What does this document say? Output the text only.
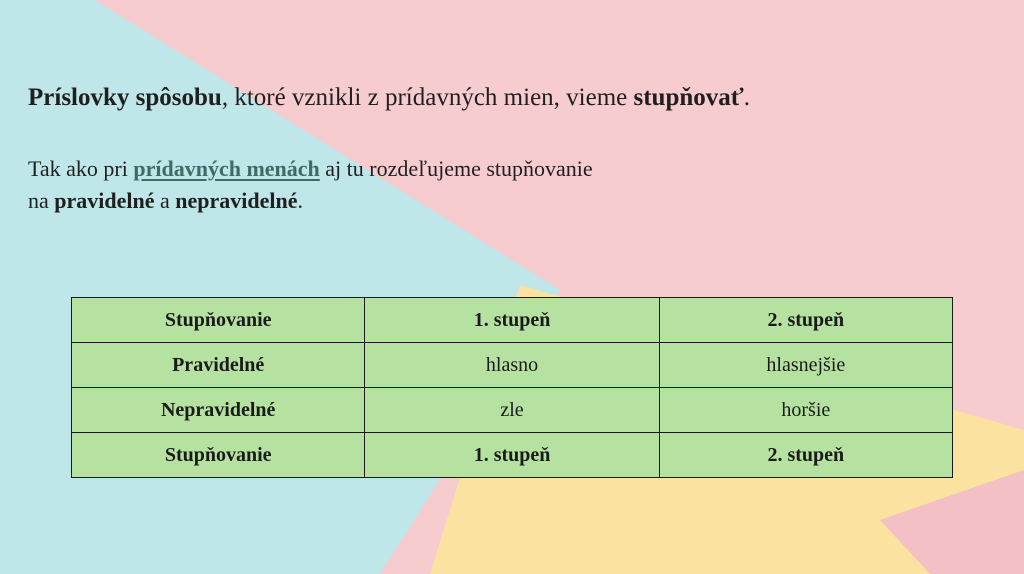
Príslovky spôsobu, ktoré vznikli z prídavných mien, vieme stupňovať.
Tak ako pri prídavných menách aj tu rozdeľujeme stupňovanie
na pravidelné a nepravidelné.
Stupňovanie	1. stupeň	2. stupeň
Pravidelné	hlasno	hlasnejšie
Nepravidelné	zle	horšie
Stupňovanie	1. stupeň	2. stupeň
